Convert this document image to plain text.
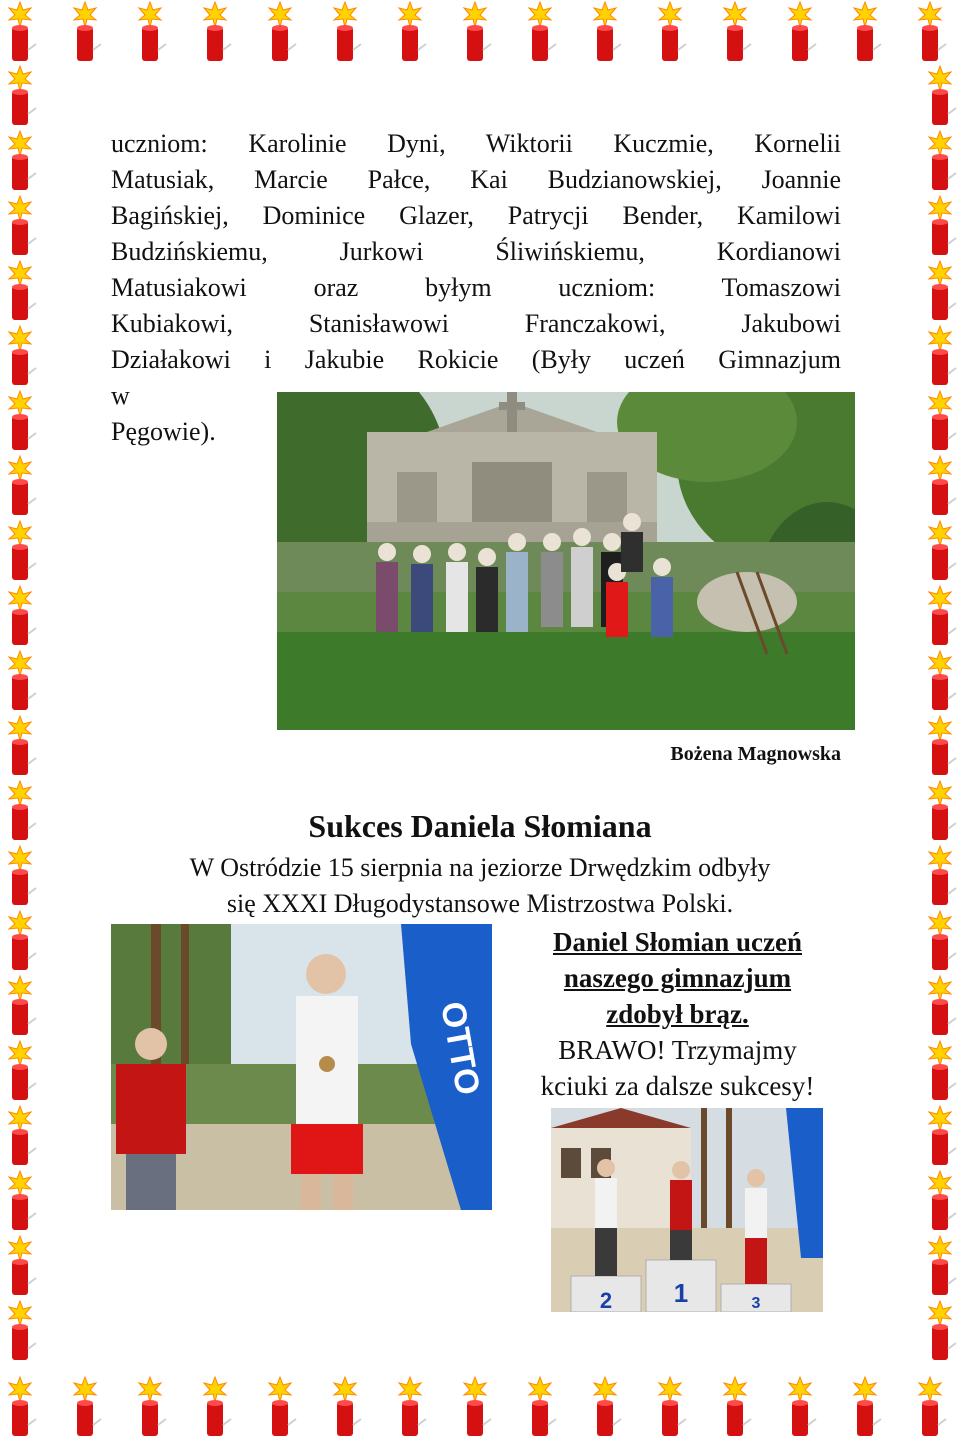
uczniom: Karolinie Dyni, Wiktorii Kuczmie, Kornelii
Matusiak, Marcie Pałce, Kai Budzianowskiej, Joannie
Bagińskiej, Dominice Glazer, Patrycji Bender, Kamilowi
Budzińskiemu, Jurkowi Śliwińskiemu, Kordianowi
Matusiakowi oraz byłym uczniom: Tomaszowi
Kubiakowi, Stanisławowi Franczakowi, Jakubowi
Działakowi i Jakubie Rokicie (Były uczeń Gimnazjum
w
Pęgowie).
Bożena Magnowska
Sukces Daniela Słomiana
W Ostródzie 15 sierpnia na jeziorze Drwędzkim odbyły
się XXXI Długodystansowe Mistrzostwa Polski.
OTTO
Daniel Słomian uczeń
naszego gimnazjum
zdobył brąz.
BRAWO! Trzymajmy
kciuki za dalsze sukcesy!
2 1	3
